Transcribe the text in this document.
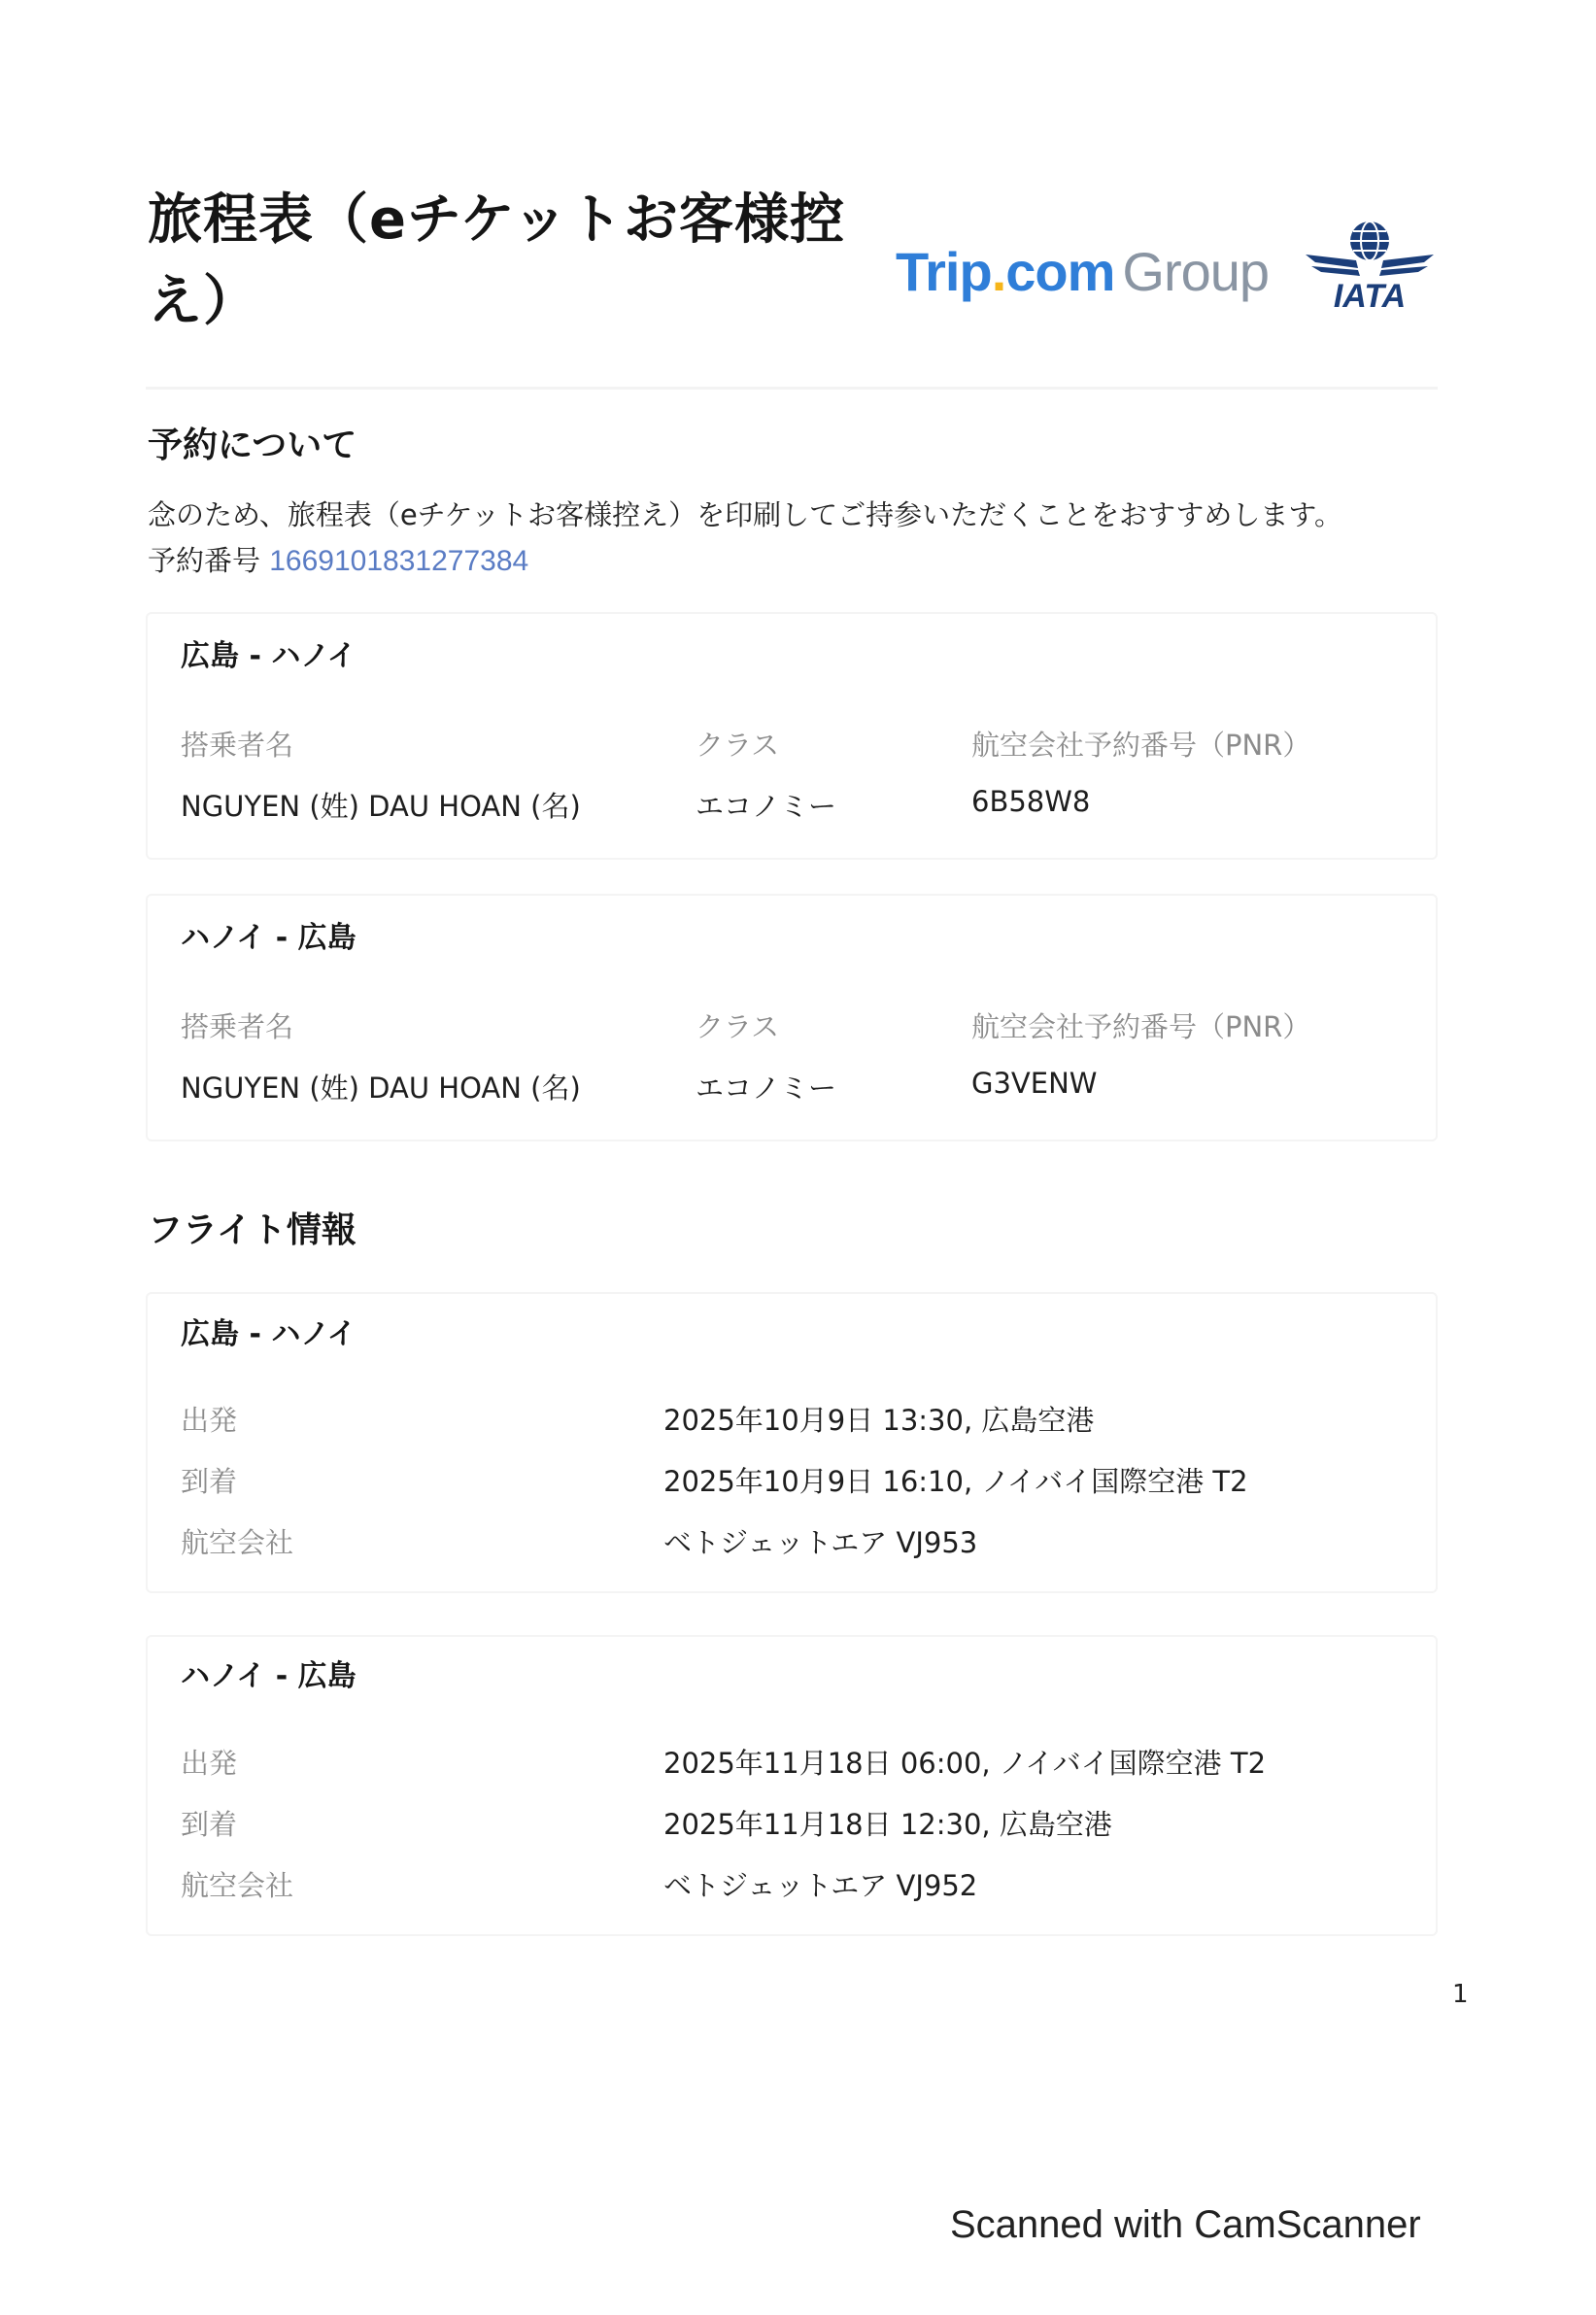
旅程表（eチケットお客様控え）	Trip.com Group IATA
予約について
念のため、旅程表（eチケットお客様控え）を印刷してご持参いただくことをおすすめします。
予約番号 1669101831277384
広島 - ハノイ
搭乗者名	クラス	航空会社予約番号（PNR）
NGUYEN (姓) DAU HOAN (名)	エコノミー	6B58W8
ハノイ - 広島
搭乗者名	クラス	航空会社予約番号（PNR）
NGUYEN (姓) DAU HOAN (名)	エコノミー	G3VENW
フライト情報
広島 - ハノイ
出発	2025年10月9日 13:30, 広島空港
到着	2025年10月9日 16:10, ノイバイ国際空港 T2
航空会社	ベトジェットエア VJ953
ハノイ - 広島
出発	2025年11月18日 06:00, ノイバイ国際空港 T2
到着	2025年11月18日 12:30, 広島空港
航空会社	ベトジェットエア VJ952
1
Scanned with CamScanner
